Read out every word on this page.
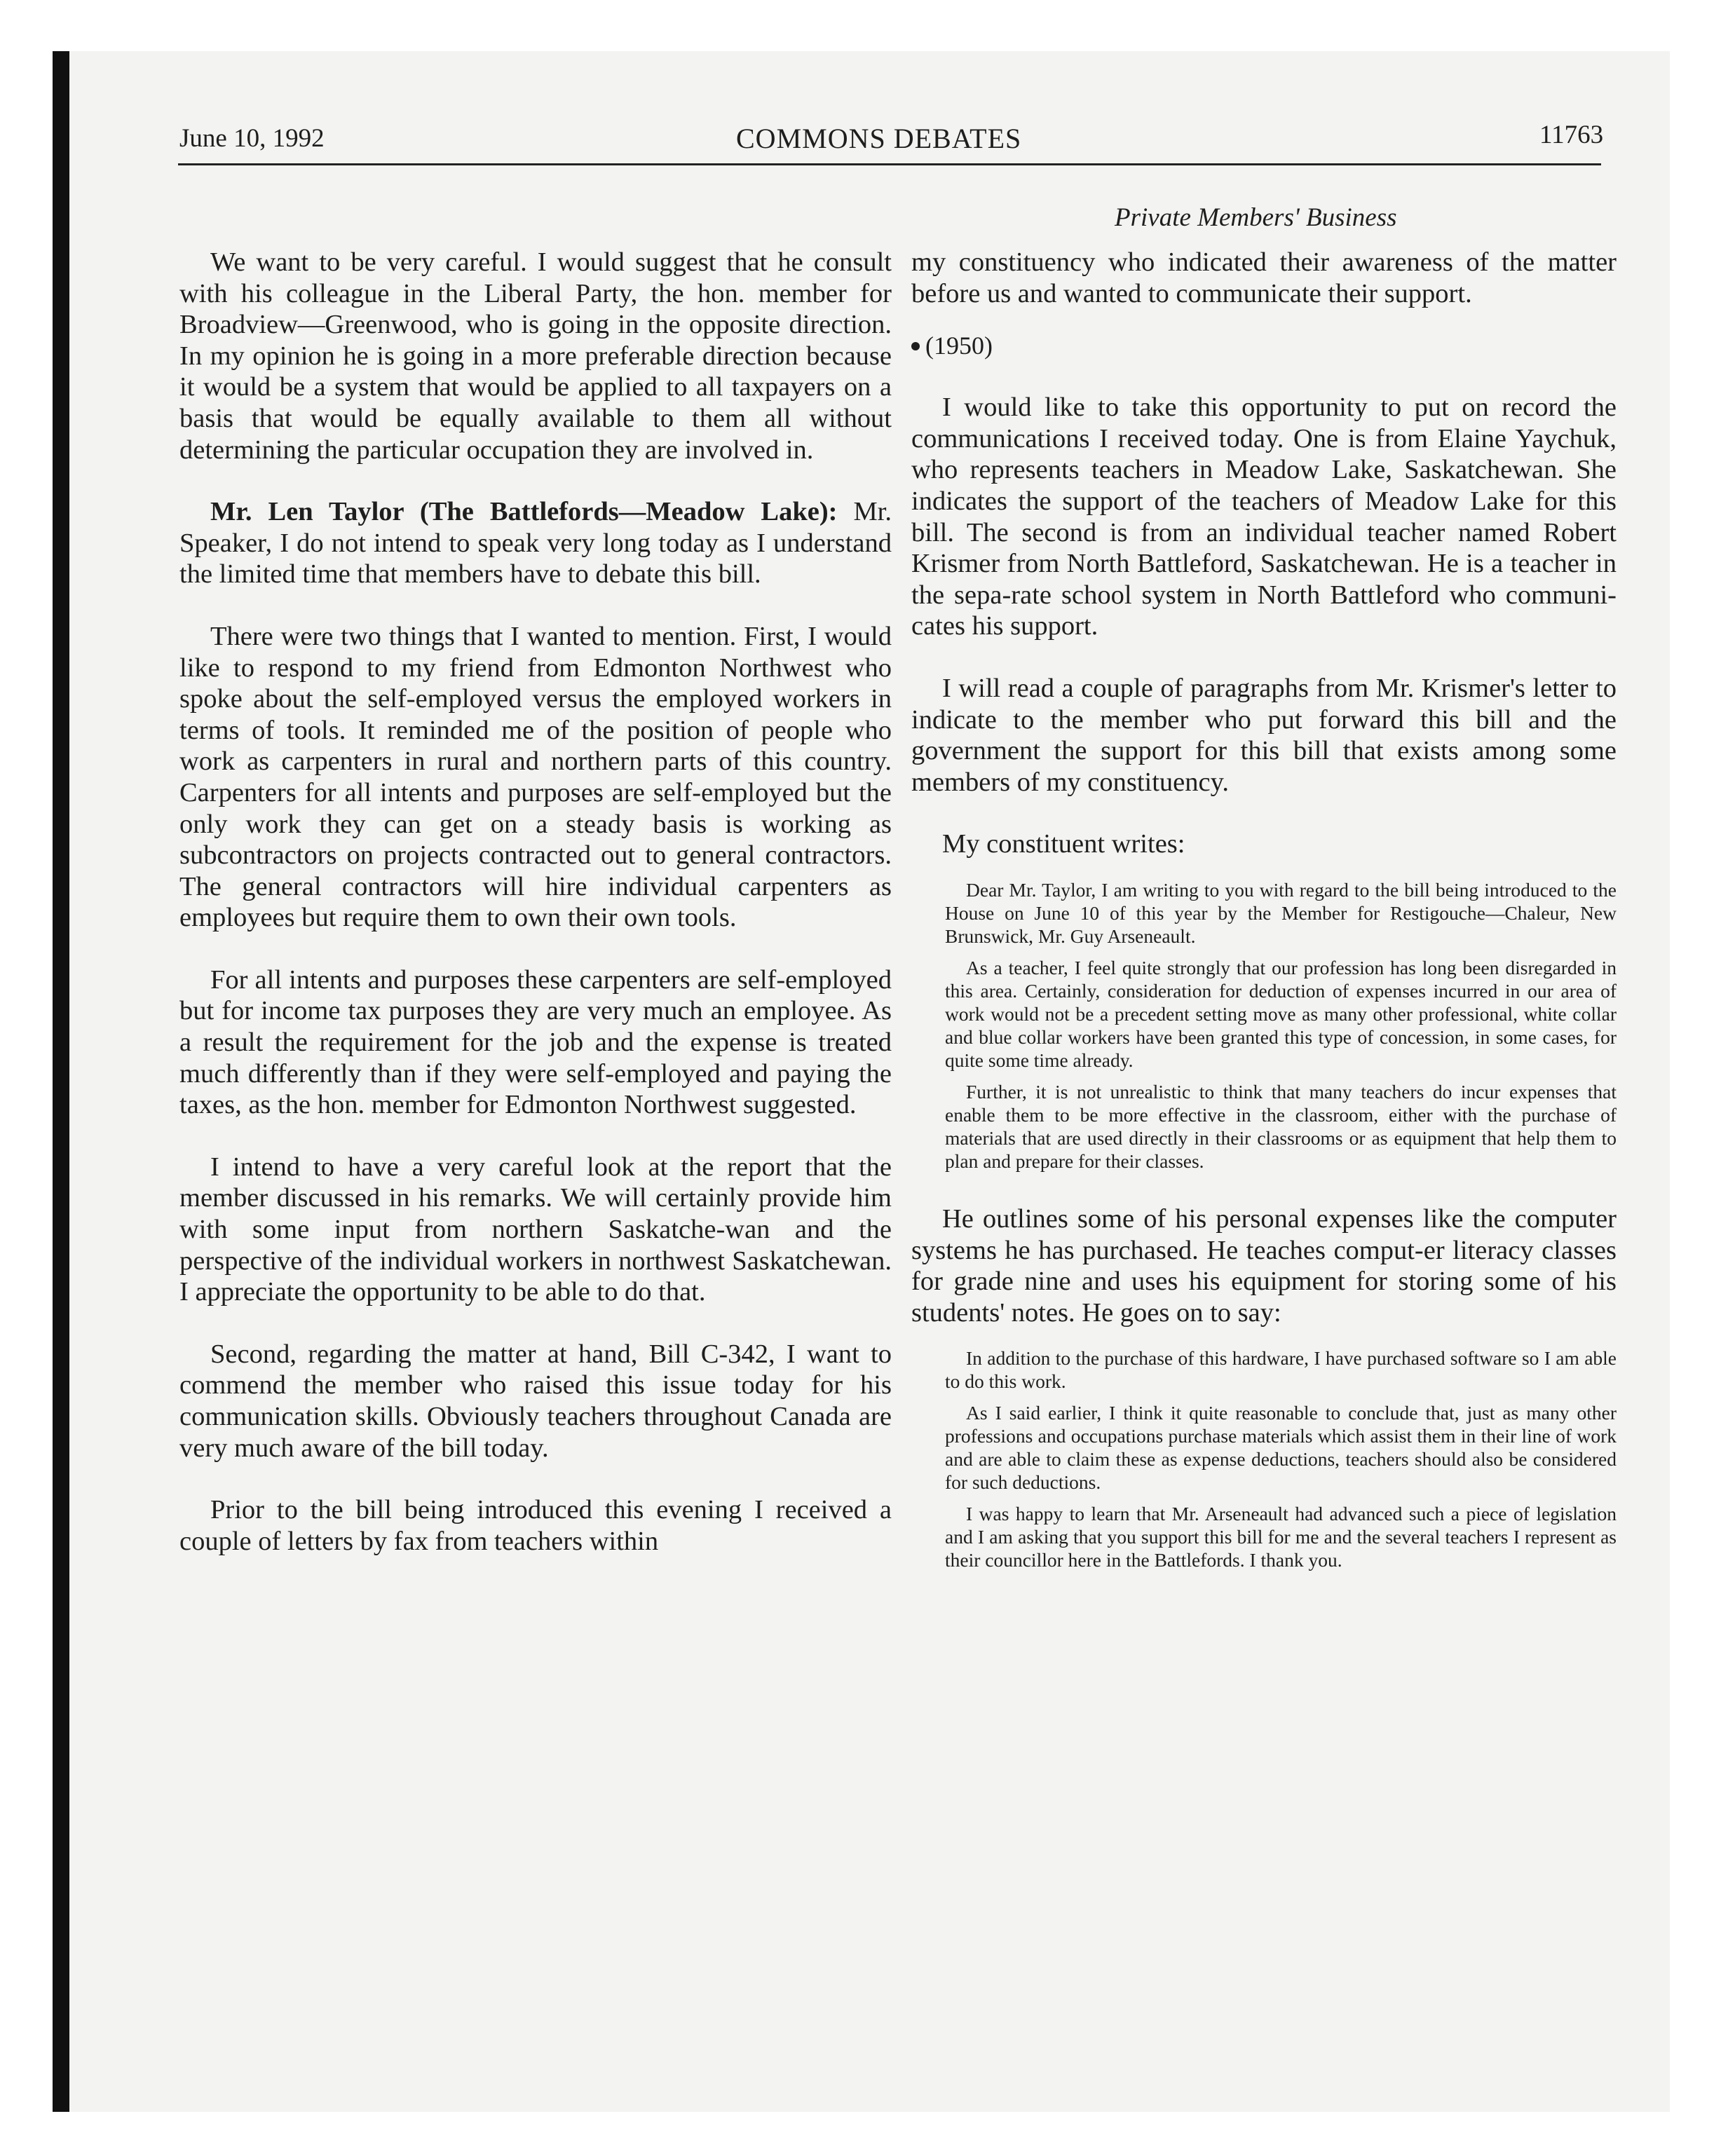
June 10, 1992	COMMONS DEBATES	11763
Private Members' Business

We want to be very careful. I would suggest that he consult with his colleague in the Liberal Party, the hon. member for Broadview—Greenwood, who is going in the opposite direction. In my opinion he is going in a more preferable direction because it would be a system that would be applied to all taxpayers on a basis that would be equally available to them all without determining the particular occupation they are involved in.

Mr. Len Taylor (The Battlefords—Meadow Lake): Mr. Speaker, I do not intend to speak very long today as I understand the limited time that members have to debate this bill.

There were two things that I wanted to mention. First, I would like to respond to my friend from Edmonton Northwest who spoke about the self-employed versus the employed workers in terms of tools. It reminded me of the position of people who work as carpenters in rural and northern parts of this country. Carpenters for all intents and purposes are self-employed but the only work they can get on a steady basis is working as subcontractors on projects contracted out to general contractors. The general contractors will hire individual carpenters as employees but require them to own their own tools.

For all intents and purposes these carpenters are self-employed but for income tax purposes they are very much an employee. As a result the requirement for the job and the expense is treated much differently than if they were self-employed and paying the taxes, as the hon. member for Edmonton Northwest suggested.

I intend to have a very careful look at the report that the member discussed in his remarks. We will certainly provide him with some input from northern Saskatche-wan and the perspective of the individual workers in northwest Saskatchewan. I appreciate the opportunity to be able to do that.

Second, regarding the matter at hand, Bill C-342, I want to commend the member who raised this issue today for his communication skills. Obviously teachers throughout Canada are very much aware of the bill today.

Prior to the bill being introduced this evening I received a couple of letters by fax from teachers within

my constituency who indicated their awareness of the matter before us and wanted to communicate their support.

(1950)

I would like to take this opportunity to put on record the communications I received today. One is from Elaine Yaychuk, who represents teachers in Meadow Lake, Saskatchewan. She indicates the support of the teachers of Meadow Lake for this bill. The second is from an individual teacher named Robert Krismer from North Battleford, Saskatchewan. He is a teacher in the sepa-rate school system in North Battleford who communi-cates his support.

I will read a couple of paragraphs from Mr. Krismer's letter to indicate to the member who put forward this bill and the government the support for this bill that exists among some members of my constituency.

My constituent writes:

Dear Mr. Taylor, I am writing to you with regard to the bill being introduced to the House on June 10 of this year by the Member for Restigouche—Chaleur, New Brunswick, Mr. Guy Arseneault.

As a teacher, I feel quite strongly that our profession has long been disregarded in this area. Certainly, consideration for deduction of expenses incurred in our area of work would not be a precedent setting move as many other professional, white collar and blue collar workers have been granted this type of concession, in some cases, for quite some time already.

Further, it is not unrealistic to think that many teachers do incur expenses that enable them to be more effective in the classroom, either with the purchase of materials that are used directly in their classrooms or as equipment that help them to plan and prepare for their classes.

He outlines some of his personal expenses like the computer systems he has purchased. He teaches comput-er literacy classes for grade nine and uses his equipment for storing some of his students' notes. He goes on to say:

In addition to the purchase of this hardware, I have purchased software so I am able to do this work.

As I said earlier, I think it quite reasonable to conclude that, just as many other professions and occupations purchase materials which assist them in their line of work and are able to claim these as expense deductions, teachers should also be considered for such deductions.

I was happy to learn that Mr. Arseneault had advanced such a piece of legislation and I am asking that you support this bill for me and the several teachers I represent as their councillor here in the Battlefords. I thank you.
